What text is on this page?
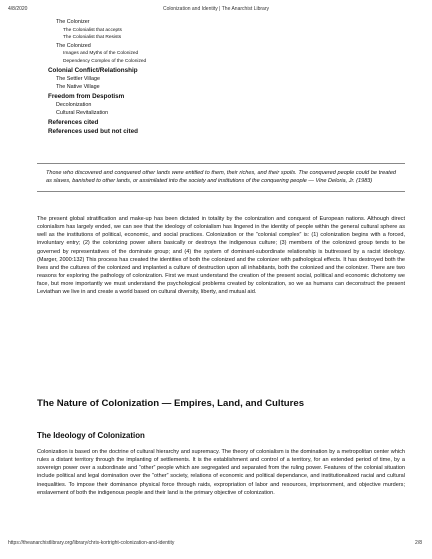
4/8/2020	Colonization and Identity | The Anarchist Library
The Colonizer
The Colonialist that accepts
The Colonialist that Resists
The Colonized
Images and Myths of the Colonized
Dependency Complex of the Colonized
Colonial Conflict/Relationship
The Settler Village
The Native Village
Freedom from Despotism
Decolonization
Cultural Revitalization
References cited
References used but not cited
Those who discovered and conquered other lands were entitled to them, their riches, and their spoils. The conquered people could be treated as slaves, banished to other lands, or assimilated into the society and institutions of the conquering people — Vine Deloria, Jr. (1983)

The present global stratification and make-up has been dictated in totality by the colonization and conquest of European nations. Although direct colonialism has largely ended, we can see that the ideology of colonialism has lingered in the identity of people within the general cultural sphere as well as the institutions of political, economic, and social practices. Colonization or the “colonial complex” is: (1) colonization begins with a forced, involuntary entry; (2) the colonizing power alters basically or destroys the indigenous culture; (3) members of the colonized group tends to be governed by representatives of the dominate group; and (4) the system of dominant-subordinate relationship is buttressed by a racist ideology. (Marger, 2000:132) This process has created the identities of both the colonized and the colonizer with pathological effects. It has destroyed both the lives and the cultures of the colonized and implanted a culture of destruction upon all inhabitants, both the colonized and the colonizer. There are two reasons for exploring the pathology of colonization. First we must understand the creation of the present social, political and economic dichotomy we face, but more importantly we must understand the psychological problems created by colonization, so we as humans can deconstruct the present Leviathan we live in and create a world based on cultural diversity, liberty, and mutual aid.

The Nature of Colonization — Empires, Land, and Cultures
The Ideology of Colonization

Colonization is based on the doctrine of cultural hierarchy and supremacy. The theory of colonialism is the domination by a metropolitan center which rules a distant territory through the implanting of settlements. It is the establishment and control of a territory, for an extended period of time, by a sovereign power over a subordinate and “other” people which are segregated and separated from the ruling power. Features of the colonial situation include political and legal domination over the “other” society, relations of economic and political dependance, and institutionalized racial and cultural inequalities. To impose their dominance physical force through raids, expropriation of labor and resources, imprisonment, and objective murders; enslavement of both the indigenous people and their land is the primary objective of colonization.

https://theanarchistlibrary.org/library/chris-kortright-colonization-and-identity	2/8
